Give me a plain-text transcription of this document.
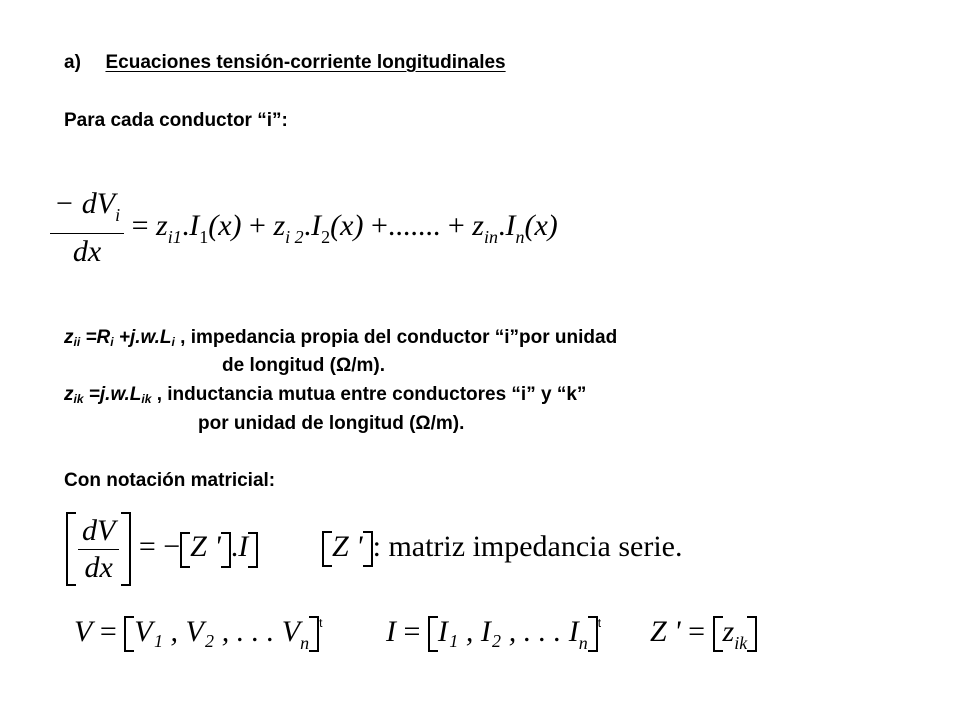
a) Ecuaciones tensión-corriente longitudinales
Para cada conductor “i”:
$\frac{- dV_i}{dx} = z_{i1}.I_1(x) + z_{i 2}.I_2(x)$ +....... + $z_{in}.I_n(x)$
$z_{ii} =R_i +j.w.L_i$ , impedancia propia del conductor “i”por unidad
de longitud (Ω/m).
$z_{ik} =j.w.L_{ik}$ , inductancia mutua entre conductores “i” y “k”
por unidad de longitud (Ω/m).
Con notación matricial:
$\frac{dV}{dx}$ = − Z ' .I	Z ' : matriz impedancia serie.
V = V₁ , V₂ , . . . $V_n^t$ I = I₁ , I₂ , . . . $I_n^t$ Z ' = $z_{ik}$
